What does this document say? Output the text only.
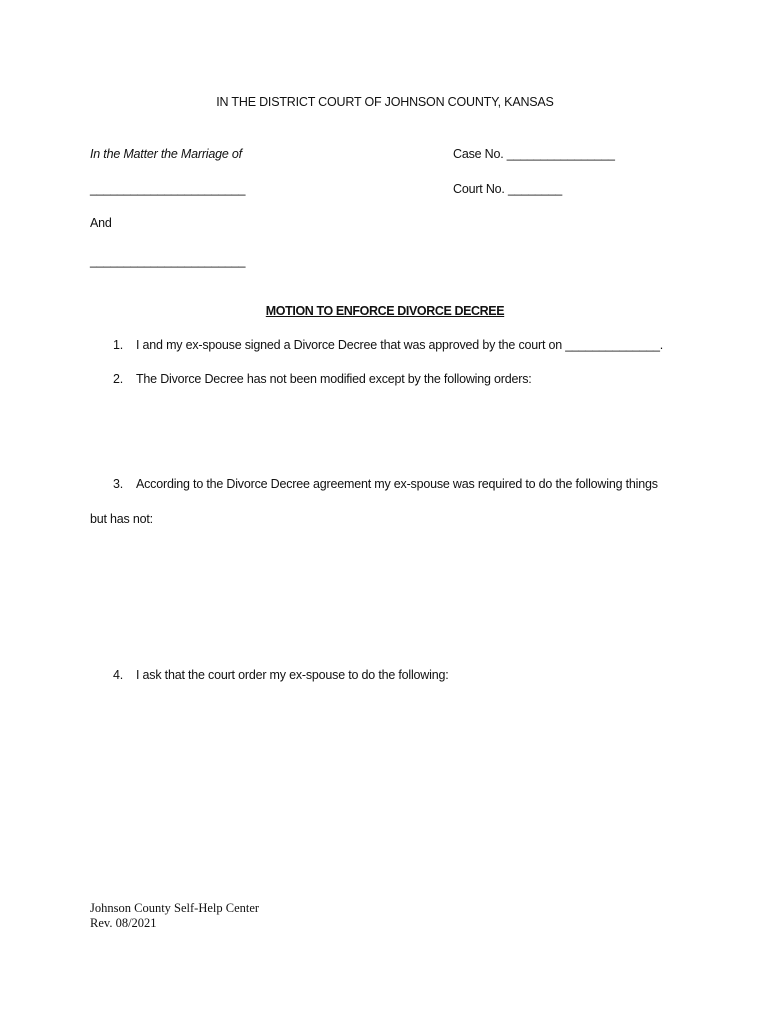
IN THE DISTRICT COURT OF JOHNSON COUNTY, KANSAS
In the Matter the Marriage of	Case No. ________________
_______________________	Court No. ________
And
_______________________
MOTION TO ENFORCE DIVORCE DECREE
1. I and my ex-spouse signed a Divorce Decree that was approved by the court on ______________.
2. The Divorce Decree has not been modified except by the following orders:
3. According to the Divorce Decree agreement my ex-spouse was required to do the following things
but has not:
4. I ask that the court order my ex-spouse to do the following:
Johnson County Self-Help Center
Rev. 08/2021
